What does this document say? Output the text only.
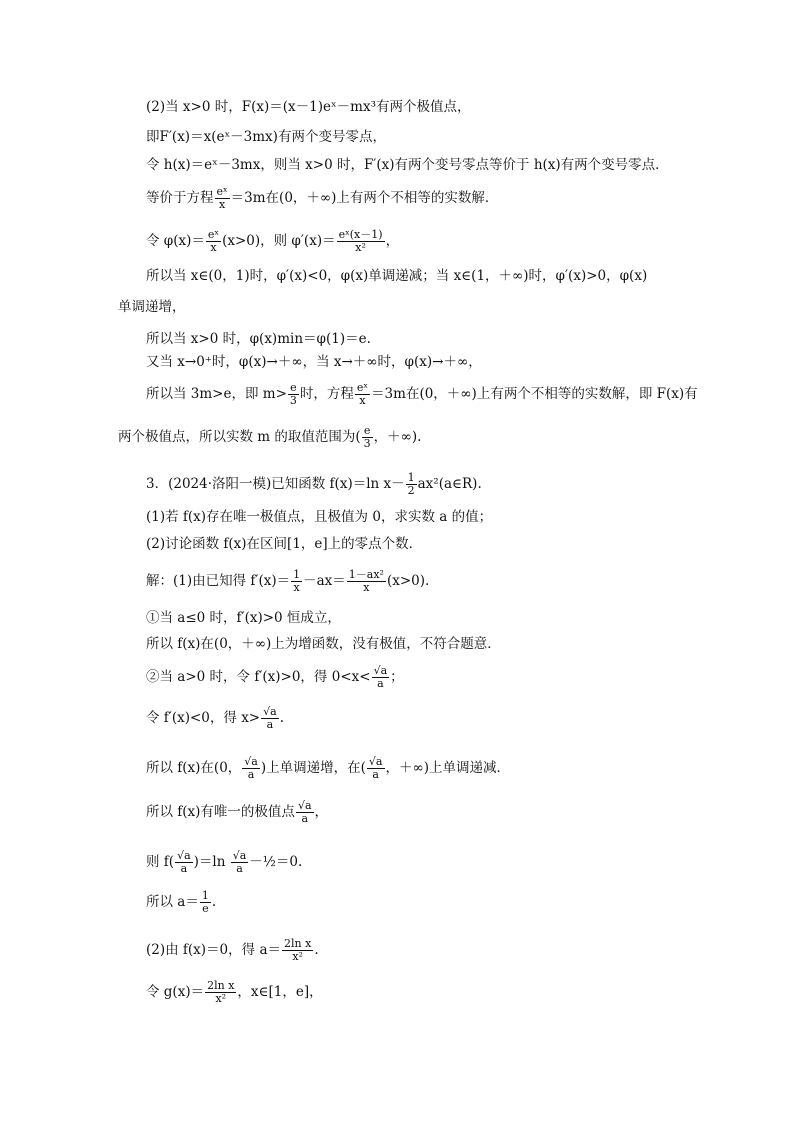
(2)当 x>0 时，F(x)＝(x－1)eˣ－mx³有两个极值点，
即F′(x)＝x(eˣ－3mx)有两个变号零点，
令 h(x)＝eˣ－3mx，则当 x>0 时，F′(x)有两个变号零点等价于 h(x)有两个变号零点．
等价于方程 $\frac{\text{eˣ}}{x} =3m$在(0，＋∞)上有两个不相等的实数解．
令 $\varphi(x)= \frac{\text{eˣ}}{x} (x>0)$，则 $\varphi'(x)= \frac{\text{eˣ(x－1)}}{\text{x²}}$ ，
所以当 x∈(0，1)时，φ′(x)<0，φ(x)单调递减；当 x∈(1，＋∞)时，φ′(x)>0，φ(x)
单调递增，
所以当 x>0 时，φ(x)min＝φ(1)＝e.
又当 x→0⁺时，φ(x)→＋∞，当 x→＋∞时，φ(x)→＋∞，
所以当 3m>e，即 $m> \frac{e}{3}$ 时，方程 $\frac{\text{eˣ}}{x} =3m$在(0，＋∞)上有两个不相等的实数解，即 F(x)有
两个极值点，所以实数 m 的取值范围为( $\frac{e}{3}$ ，＋∞).
3．(2024·洛阳一模)已知函数 f(x)＝ln $x- \frac{1}{2}$ ax²(a∈R).
(1)若 f(x)存在唯一极值点，且极值为 0，求实数 a 的值；
(2)讨论函数 f(x)在区间[1，e]上的零点个数．
解：(1)由已知得 $f'(x)= \frac{1}{x} -ax= \frac{\text{1－ax²}}{x} (x>0)$.
①当 a≤0 时，f′(x)>0 恒成立，
所以 f(x)在(0，＋∞)上为增函数，没有极值，不符合题意．
②当 a>0 时，令 f′(x)>0，得 $0<x< \frac{√a}{a}$ ；
令 f′(x)<0，得 $x> \frac{√a}{a}$ .
所以 f(x)在(0， $\frac{√a}{a}$ )上单调递增，在( $\frac{√a}{a}$ ，＋∞)上单调递减．
所以 f(x)有唯一的极值点 $\frac{√a}{a}$ ，
则 $f( \frac{√a}{a} )=\ln \frac{√a}{a}$ －½＝0.
所以 $a= \frac{1}{e}$ .
(2)由 f(x)＝0，得 $a= \frac{\text{2ln x}}{\text{x²}}$ .
令 $g(x)= \frac{\text{2ln x}}{\text{x²}}$ ，x∈[1，e]，
